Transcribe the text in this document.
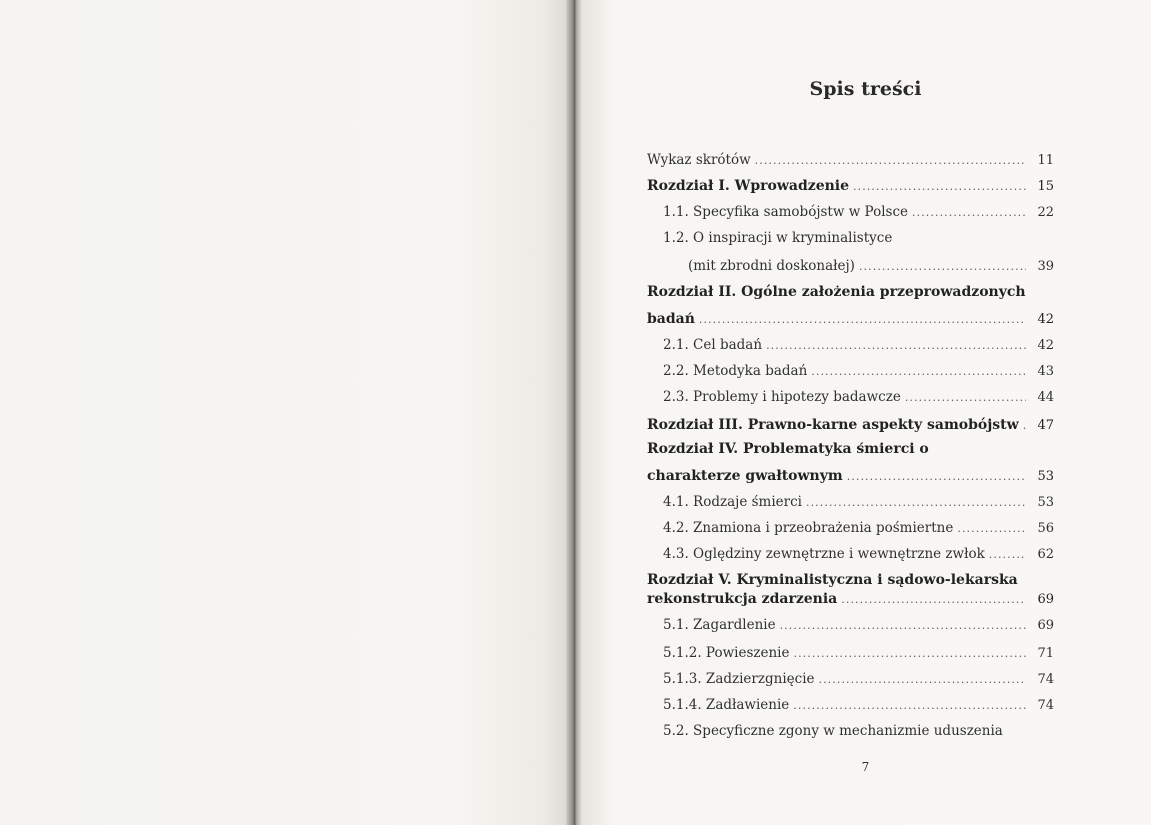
Spis treści
Wykaz skrótów . . .	11
Rozdział I. Wprowadzenie . . .	15
1.1. Specyfika samobójstw w Polsce . . .	22
1.2. O inspiracji w kryminalistyce
(mit zbrodni doskonałej) . . .	39
Rozdział II. Ogólne założenia przeprowadzonych
badań . . .	42
2.1. Cel badań . . .	42
2.2. Metodyka badań . . .	43
2.3. Problemy i hipotezy badawcze . . .	44
Rozdział III. Prawno-karne aspekty samobójstw . . . 47
Rozdział IV. Problematyka śmierci o
charakterze gwałtownym . . .	53
4.1. Rodzaje śmierci . . .	53
4.2. Znamiona i przeobrażenia pośmiertne . . .	56
4.3. Oględziny zewnętrzne i wewnętrzne zwłok . . .	62
Rozdział V. Kryminalistyczna i sądowo-lekarska
rekonstrukcja zdarzenia . . .	69
5.1. Zagardlenie . . .	69
5.1.2. Powieszenie . . .	71
5.1.3. Zadzierzgnięcie . . .	74
5.1.4. Zadławienie . . .	74
5.2. Specyficzne zgony w mechanizmie uduszenia
7
